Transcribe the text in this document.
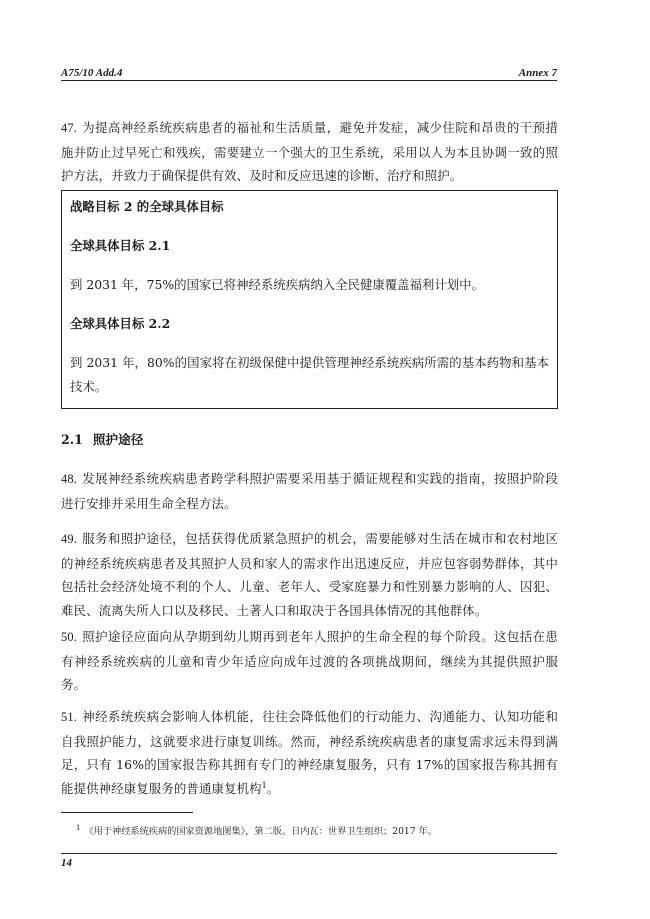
A75/10 Add.4	Annex 7

47. 为提高神经系统疾病患者的福祉和生活质量，避免并发症，减少住院和昂贵的干预措施并防止过早死亡和残疾，需要建立一个强大的卫生系统，采用以人为本且协调一致的照护方法，并致力于确保提供有效、及时和反应迅速的诊断、治疗和照护。

战略目标 2 的全球具体目标
全球具体目标 2.1
到 2031 年，75%的国家已将神经系统疾病纳入全民健康覆盖福利计划中。
全球具体目标 2.2
到 2031 年，80%的国家将在初级保健中提供管理神经系统疾病所需的基本药物和基本技术。
2.1 照护途径

48. 发展神经系统疾病患者跨学科照护需要采用基于循证规程和实践的指南，按照护阶段进行安排并采用生命全程方法。

49. 服务和照护途径，包括获得优质紧急照护的机会，需要能够对生活在城市和农村地区的神经系统疾病患者及其照护人员和家人的需求作出迅速反应，并应包容弱势群体，其中包括社会经济处境不利的个人、儿童、老年人、受家庭暴力和性别暴力影响的人、囚犯、难民、流离失所人口以及移民、土著人口和取决于各国具体情况的其他群体。

50. 照护途径应面向从孕期到幼儿期再到老年人照护的生命全程的每个阶段。这包括在患有神经系统疾病的儿童和青少年适应向成年过渡的各项挑战期间，继续为其提供照护服务。

51. 神经系统疾病会影响人体机能，往往会降低他们的行动能力、沟通能力、认知功能和自我照护能力，这就要求进行康复训练。然而，神经系统疾病患者的康复需求远未得到满足，只有 16%的国家报告称其拥有专门的神经康复服务，只有 17%的国家报告称其拥有能提供神经康复服务的普通康复机构$^1$。

$^1$ 《用于神经系统疾病的国家资源地图集》，第二版。日内瓦：世界卫生组织；2017 年。
14
